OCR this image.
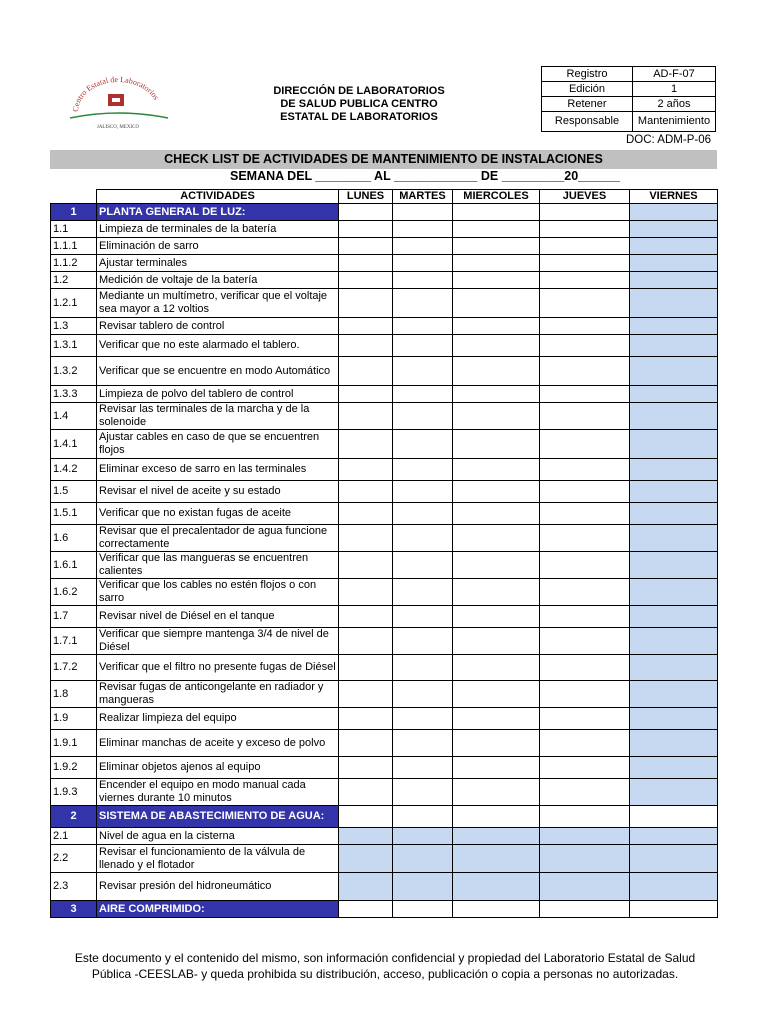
Centro Estatal de Laboratorios
JALISCO, MEXICO
DIRECCIÓN DE LABORATORIOS
DE SALUD PUBLICA CENTRO
ESTATAL DE LABORATORIOS
Registro	AD-F-07
Edición	1
Retener	2 años
Responsable	Mantenimiento
DOC: ADM-P-06
CHECK LIST DE ACTIVIDADES DE MANTENIMIENTO DE INSTALACIONES
SEMANA DEL ________ AL ____________ DE _________20______
	ACTIVIDADES	LUNES	MARTES	MIERCOLES	JUEVES	VIERNES
1	PLANTA GENERAL DE LUZ:					
1.1	Limpieza de terminales de la batería					
1.1.1	Eliminación de sarro					
1.1.2	Ajustar terminales					
1.2	Medición de voltaje de la batería					
1.2.1	Mediante un multímetro, verificar que el voltaje sea mayor a 12 voltios					
1.3	Revisar tablero de control					
1.3.1	Verificar que no este alarmado el tablero.					
1.3.2	Verificar que se encuentre en modo Automático					
1.3.3	Limpieza de polvo del tablero de control					
1.4	Revisar las terminales de la marcha y de la solenoide					
1.4.1	Ajustar cables en caso de que se encuentren flojos					
1.4.2	Eliminar exceso de sarro en las terminales					
1.5	Revisar el nivel de aceite y su estado					
1.5.1	Verificar que no existan fugas de aceite					
1.6	Revisar que el precalentador de agua funcione correctamente					
1.6.1	Verificar que las mangueras se encuentren calientes					
1.6.2	Verificar que los cables no estén flojos o con sarro					
1.7	Revisar nivel de Diésel en el tanque					
1.7.1	Verificar que siempre mantenga 3/4 de nivel de Diésel					
1.7.2	Verificar que el filtro no presente fugas de Diésel					
1.8	Revisar fugas de anticongelante en radiador y mangueras					
1.9	Realizar limpieza del equipo					
1.9.1	Eliminar manchas de aceite y exceso de polvo					
1.9.2	Eliminar objetos ajenos al equipo					
1.9.3	Encender el equipo en modo manual cada viernes durante 10 minutos					
2	SISTEMA DE ABASTECIMIENTO DE AGUA:					
2.1	Nivel de agua en la cisterna					
2.2	Revisar el funcionamiento de la válvula de llenado y el flotador					
2.3	Revisar presión del hidroneumático					
3	AIRE COMPRIMIDO:					
Este documento y el contenido del mismo, son información confidencial y propiedad del Laboratorio Estatal de Salud Pública -CEESLAB- y queda prohibida su distribución, acceso, publicación o copia a personas no autorizadas.
